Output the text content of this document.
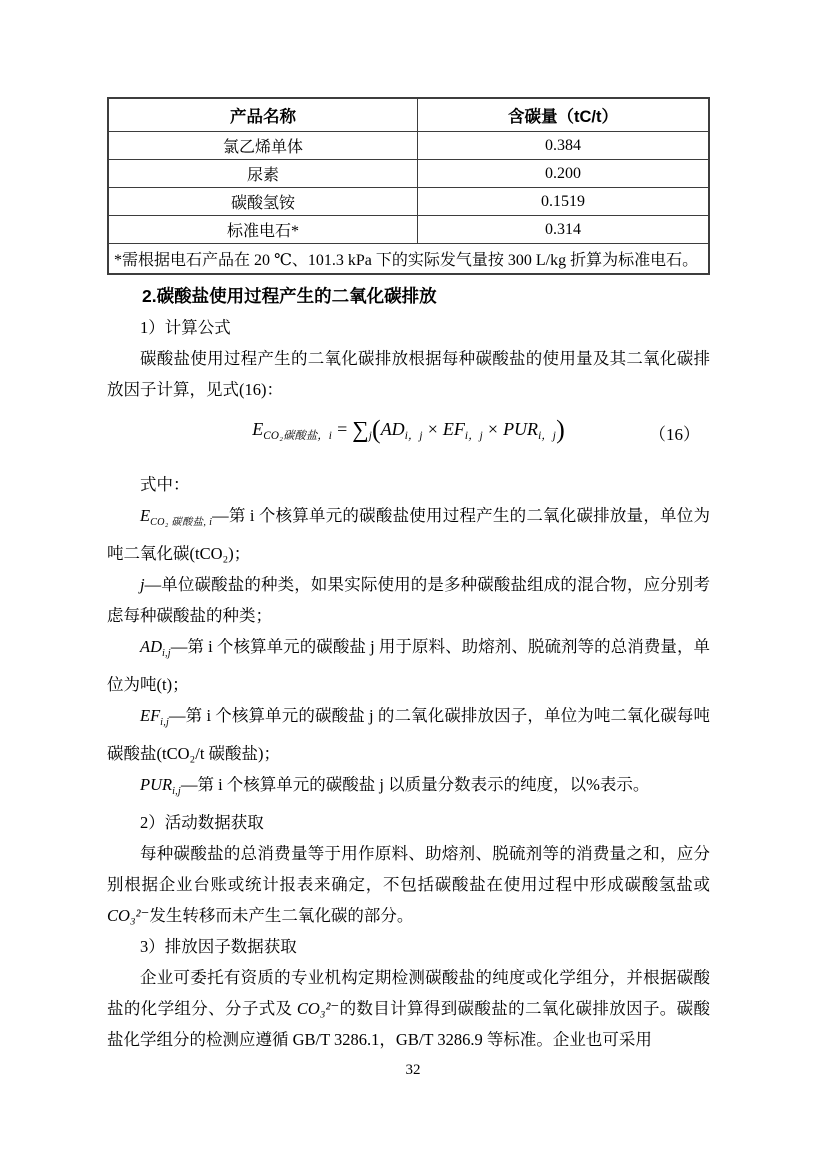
产品名称	含碳量（tC/t）
氯乙烯单体	0.384
尿素	0.200
碳酸氢铵	0.1519
标准电石*	0.314
*需根据电石产品在 20 ℃、101.3 kPa 下的实际发气量按 300 L/kg 折算为标准电石。	
2.碳酸盐使用过程产生的二氧化碳排放

1）计算公式

碳酸盐使用过程产生的二氧化碳排放根据每种碳酸盐的使用量及其二氧化碳排放因子计算，见式(16)：

$E_{CO_2碳酸盐,i} = \sum_j(AD_{i,j} \times EF_{i,j} \times PUR_{i,j})$	（16）

式中：

$E_{CO_2 碳酸盐, i}—$第 i 个核算单元的碳酸盐使用过程产生的二氧化碳排放量，单位为吨二氧化碳(tCO₂)；

j—单位碳酸盐的种类，如果实际使用的是多种碳酸盐组成的混合物，应分别考虑每种碳酸盐的种类；

$AD_{i,j}—$第 i 个核算单元的碳酸盐 j 用于原料、助熔剂、脱硫剂等的总消费量，单位为吨(t)；

$EF_{i,j}—$第 i 个核算单元的碳酸盐 j 的二氧化碳排放因子，单位为吨二氧化碳每吨碳酸盐(tCO₂/t 碳酸盐)；

$PUR_{i,j}—$第 i 个核算单元的碳酸盐 j 以质量分数表示的纯度，以%表示。

2）活动数据获取

每种碳酸盐的总消费量等于用作原料、助熔剂、脱硫剂等的消费量之和，应分别根据企业台账或统计报表来确定，不包括碳酸盐在使用过程中形成碳酸氢盐或 CO₃²⁻发生转移而未产生二氧化碳的部分。

3）排放因子数据获取

企业可委托有资质的专业机构定期检测碳酸盐的纯度或化学组分，并根据碳酸盐的化学组分、分子式及 CO₃²⁻的数目计算得到碳酸盐的二氧化碳排放因子。碳酸盐化学组分的检测应遵循 GB/T 3286.1，GB/T 3286.9 等标准。企业也可采用

32
